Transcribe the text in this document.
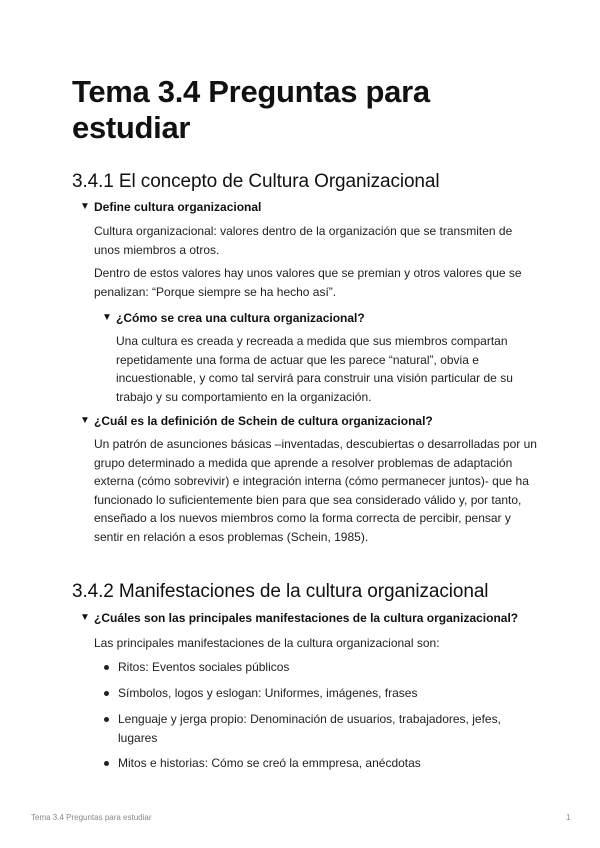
Tema 3.4 Preguntas para estudiar
3.4.1 El concepto de Cultura Organizacional
▼ Define cultura organizacional

Cultura organizacional: valores dentro de la organización que se transmiten de unos miembros a otros.

Dentro de estos valores hay unos valores que se premian y otros valores que se penalizan: “Porque siempre se ha hecho así”.

▼ ¿Cómo se crea una cultura organizacional?

Una cultura es creada y recreada a medida que sus miembros compartan repetidamente una forma de actuar que les parece “natural”, obvia e incuestionable, y como tal servirá para construir una visión particular de su trabajo y su comportamiento en la organización.

▼ ¿Cuál es la definición de Schein de cultura organizacional?

Un patrón de asunciones básicas –inventadas, descubiertas o desarrolladas por un grupo determinado a medida que aprende a resolver problemas de adaptación externa (cómo sobrevivir) e integración interna (cómo permanecer juntos)- que ha funcionado lo suficientemente bien para que sea considerado válido y, por tanto, enseñado a los nuevos miembros como la forma correcta de percibir, pensar y sentir en relación a esos problemas (Schein, 1985).

3.4.2 Manifestaciones de la cultura organizacional
▼ ¿Cuáles son las principales manifestaciones de la cultura organizacional?

Las principales manifestaciones de la cultura organizacional son:

Ritos: Eventos sociales públicos
Símbolos, logos y eslogan: Uniformes, imágenes, frases
Lenguaje y jerga propio: Denominación de usuarios, trabajadores, jefes, lugares
Mitos e historias: Cómo se creó la emmpresa, anécdotas
Tema 3.4 Preguntas para estudiar	1
